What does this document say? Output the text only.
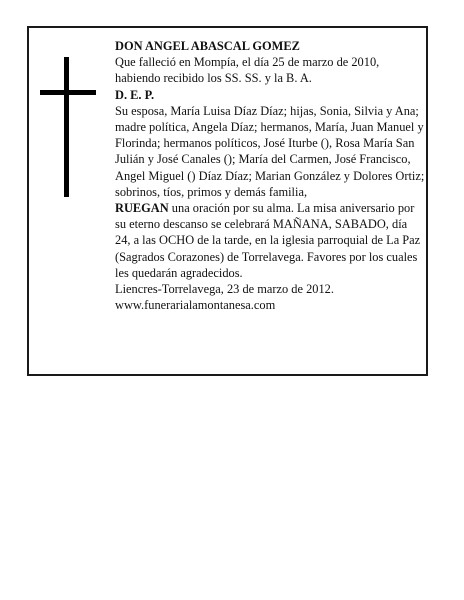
DON ANGEL ABASCAL GOMEZ

Que falleció en Mompía, el día 25 de marzo de 2010, habiendo recibido los SS. SS. y la B. A.

D. E. P.

Su esposa, María Luisa Díaz Díaz; hijas, Sonia, Silvia y Ana; madre política, Angela Díaz; hermanos, María, Juan Manuel y Florinda; hermanos políticos, José Iturbe (), Rosa María San Julián y José Canales (); María del Carmen, José Francisco, Angel Miguel () Díaz Díaz; Marian González y Dolores Ortiz; sobrinos, tíos, primos y demás familia,

RUEGAN una oración por su alma. La misa aniversario por su eterno descanso se celebrará MAÑANA, SABADO, día 24, a las OCHO de la tarde, en la iglesia parroquial de La Paz (Sagrados Corazones) de Torrelavega. Favores por los cuales les quedarán agradecidos.

Liencres-Torrelavega, 23 de marzo de 2012.

www.funerarialamontanesa.com
